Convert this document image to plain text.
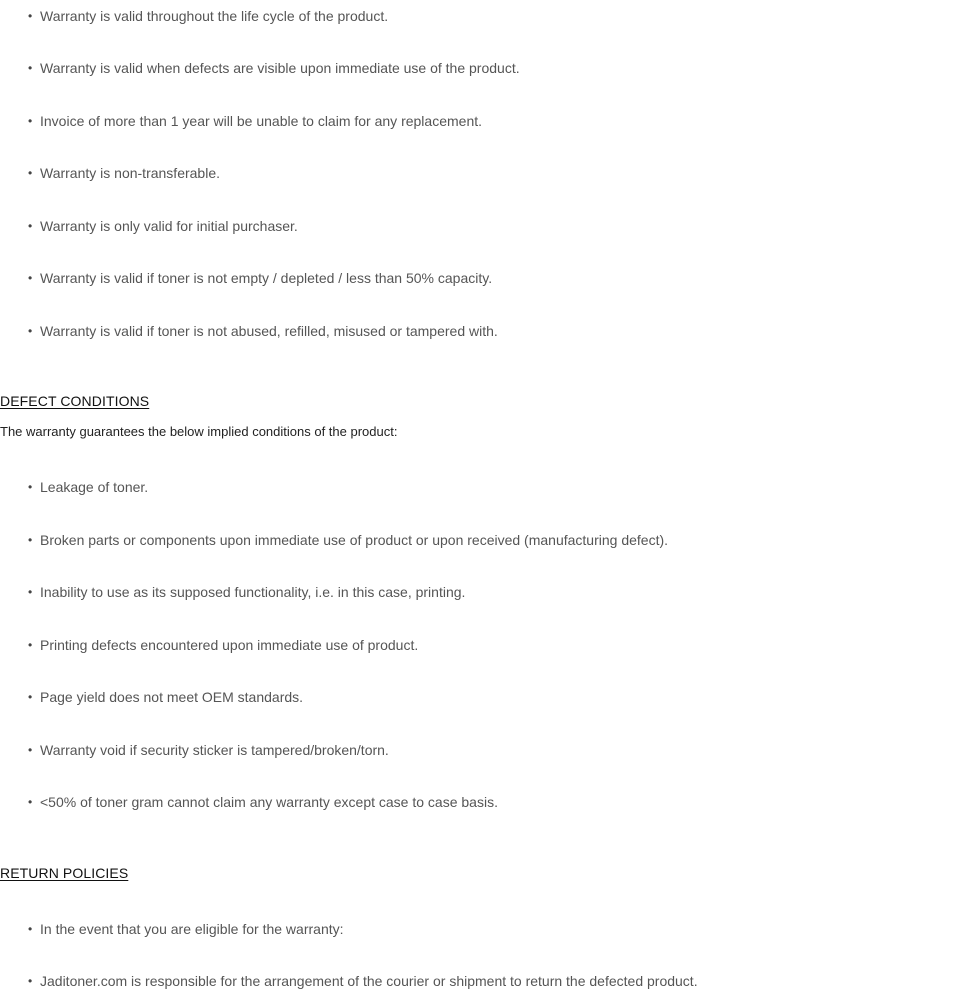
• Warranty is valid throughout the life cycle of the product.
• Warranty is valid when defects are visible upon immediate use of the product.
• Invoice of more than 1 year will be unable to claim for any replacement.
• Warranty is non-transferable.
• Warranty is only valid for initial purchaser.
• Warranty is valid if toner is not empty / depleted / less than 50% capacity.
• Warranty is valid if toner is not abused, refilled, misused or tampered with.
DEFECT CONDITIONS

The warranty guarantees the below implied conditions of the product:

• Leakage of toner.
• Broken parts or components upon immediate use of product or upon received (manufacturing defect).
• Inability to use as its supposed functionality, i.e. in this case, printing.
• Printing defects encountered upon immediate use of product.
• Page yield does not meet OEM standards.
• Warranty void if security sticker is tampered/broken/torn.
• <50% of toner gram cannot claim any warranty except case to case basis.
RETURN POLICIES
• In the event that you are eligible for the warranty:
• Jaditoner.com is responsible for the arrangement of the courier or shipment to return the defected product.
